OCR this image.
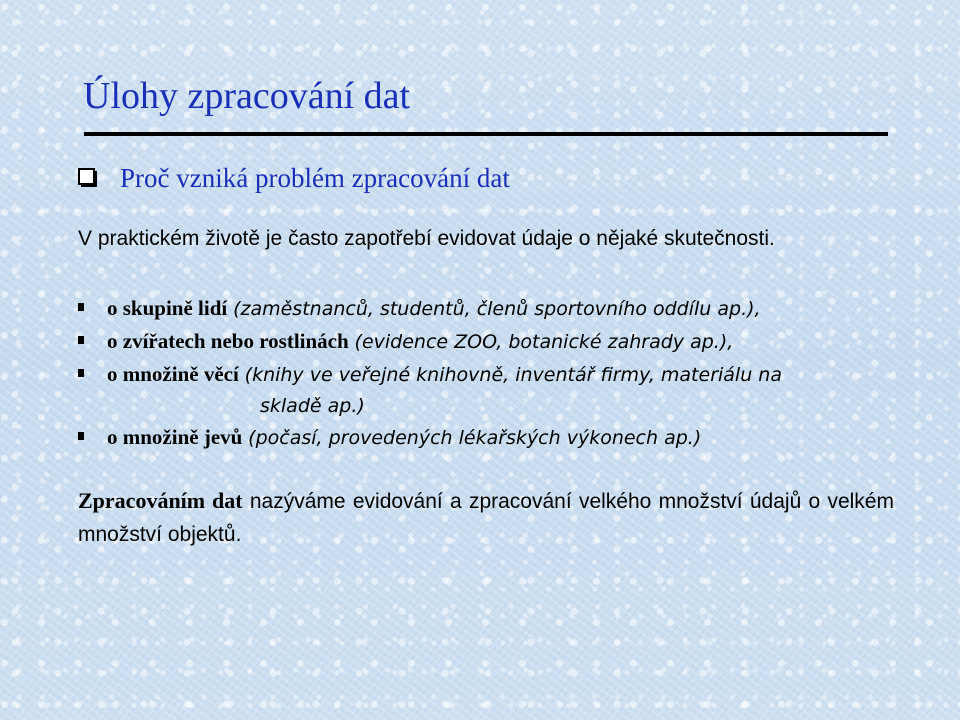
Úlohy zpracování dat
Proč vzniká problém zpracování dat

V praktickém životě je často zapotřebí evidovat údaje o nějaké skutečnosti.

o skupině lidí (zaměstnanců, studentů, členů sportovního oddílu ap.),
o zvířatech nebo rostlinách (evidence ZOO, botanické zahrady ap.),
o množině věcí (knihy ve veřejné knihovně, inventář firmy, materiálu na
skladě ap.)
o množině jevů (počasí, provedených lékařských výkonech ap.)

Zpracováním dat nazýváme evidování a zpracování velkého množství údajů o velkém množství objektů.
